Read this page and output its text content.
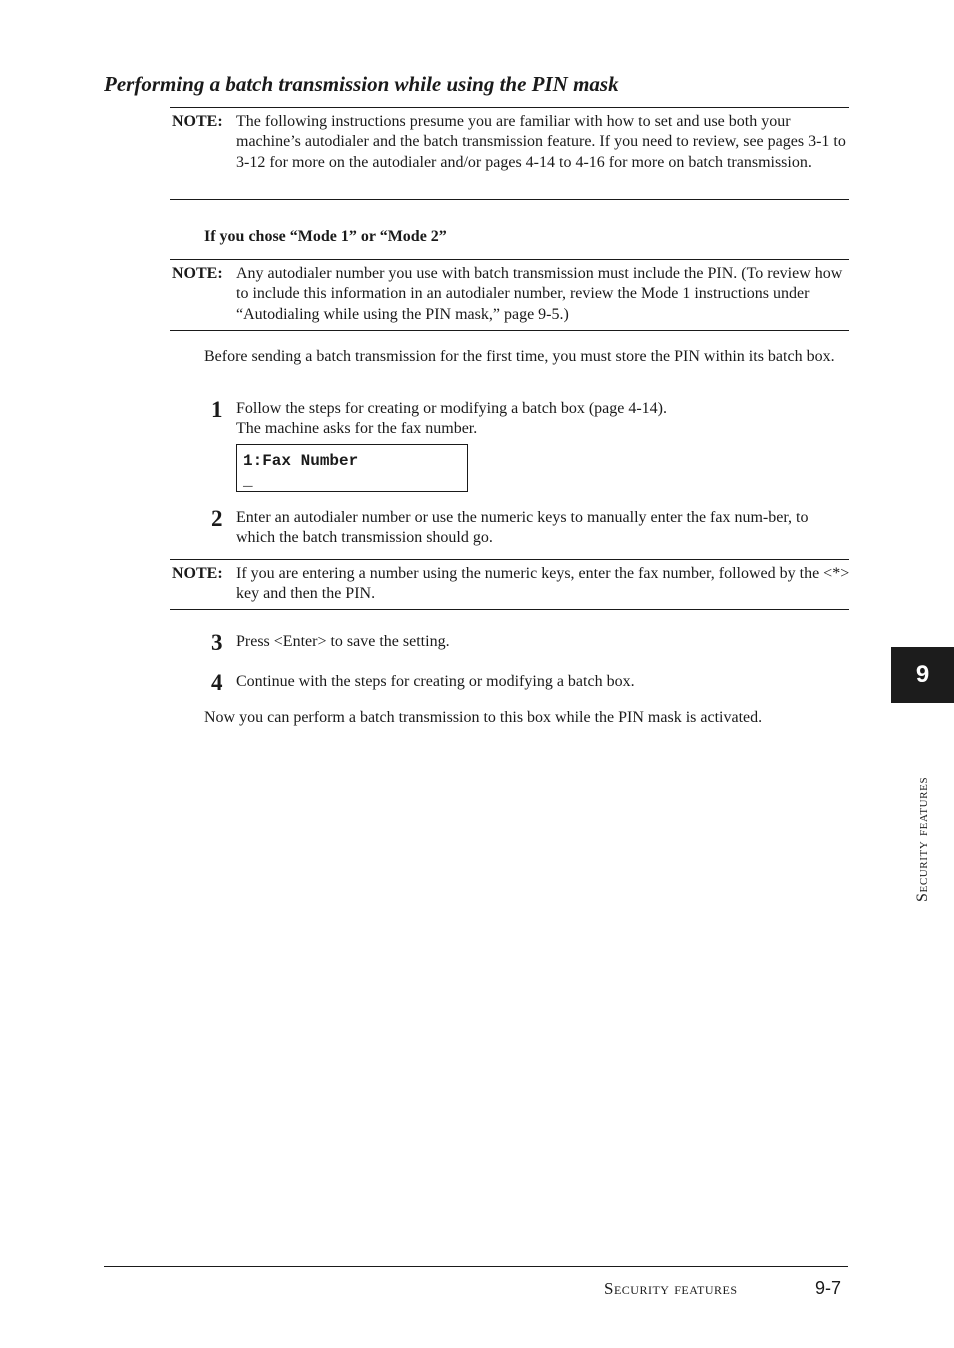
Performing a batch transmission while using the PIN mask
NOTE: The following instructions presume you are familiar with how to set and use both your machine’s autodialer and the batch transmission feature. If you need to review, see pages 3-1 to 3-12 for more on the autodialer and/or pages 4-14 to 4-16 for more on batch transmission.
If you chose “Mode 1” or “Mode 2”
NOTE: Any autodialer number you use with batch transmission must include the PIN. (To review how to include this information in an autodialer number, review the Mode 1 instructions under “Autodialing while using the PIN mask,” page 9-5.)
Before sending a batch transmission for the first time, you must store the PIN within its batch box.
1 Follow the steps for creating or modifying a batch box (page 4-14).
The machine asks for the fax number.
1:Fax Number
_
2 Enter an autodialer number or use the numeric keys to manually enter the fax num-ber, to which the batch transmission should go.
NOTE: If you are entering a number using the numeric keys, enter the fax number, followed by the <*> key and then the PIN.
3 Press <Enter> to save the setting.
4 Continue with the steps for creating or modifying a batch box.
Now you can perform a batch transmission to this box while the PIN mask is activated.
9
Security features
Security features	9-7
